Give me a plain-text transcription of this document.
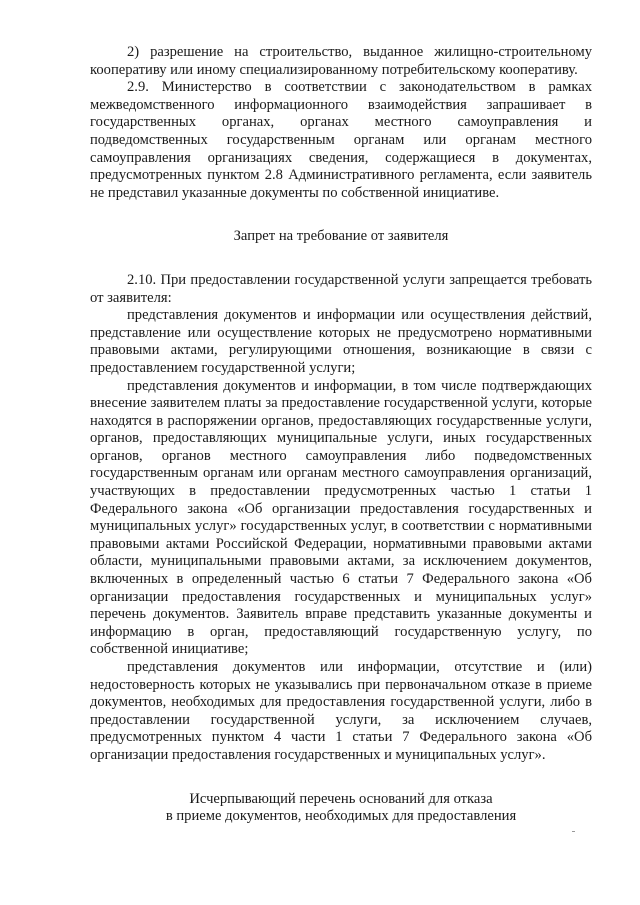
2) разрешение на строительство, выданное жилищно-строительному кооперативу или иному специализированному потребительскому кооперативу.

2.9. Министерство в соответствии с законодательством в рамках межведомственного информационного взаимодействия запрашивает в государственных органах, органах местного самоуправления и подведомственных государственным органам или органам местного самоуправления организациях сведения, содержащиеся в документах, предусмотренных пунктом 2.8 Административного регламента, если заявитель не представил указанные документы по собственной инициативе.

Запрет на требование от заявителя

2.10. При предоставлении государственной услуги запрещается требовать от заявителя:

представления документов и информации или осуществления действий, представление или осуществление которых не предусмотрено нормативными правовыми актами, регулирующими отношения, возникающие в связи с предоставлением государственной услуги;

представления документов и информации, в том числе подтверждающих внесение заявителем платы за предоставление государственной услуги, которые находятся в распоряжении органов, предоставляющих государственные услуги, органов, предоставляющих муниципальные услуги, иных государственных органов, органов местного самоуправления либо подведомственных государственным органам или органам местного самоуправления организаций, участвующих в предоставлении предусмотренных частью 1 статьи 1 Федерального закона «Об организации предоставления государственных и муниципальных услуг» государственных услуг, в соответствии с нормативными правовыми актами Российской Федерации, нормативными правовыми актами области, муниципальными правовыми актами, за исключением документов, включенных в определенный частью 6 статьи 7 Федерального закона «Об организации предоставления государственных и муниципальных услуг» перечень документов. Заявитель вправе представить указанные документы и информацию в орган, предоставляющий государственную услугу, по собственной инициативе;

представления документов или информации, отсутствие и (или) недостоверность которых не указывались при первоначальном отказе в приеме документов, необходимых для предоставления государственной услуги, либо в предоставлении государственной услуги, за исключением случаев, предусмотренных пунктом 4 части 1 статьи 7 Федерального закона «Об организации предоставления государственных и муниципальных услуг».

Исчерпывающий перечень оснований для отказа
в приеме документов, необходимых для предоставления
